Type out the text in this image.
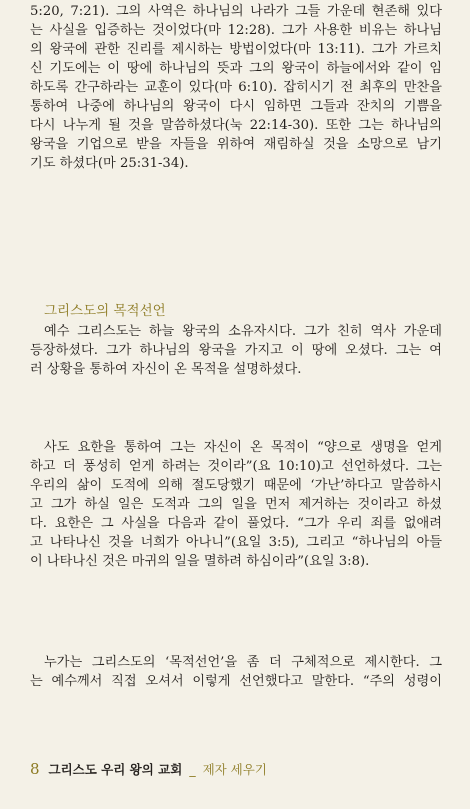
5:20, 7:21). 그의 사역은 하나님의 나라가 그들 가운데 현존해 있다
는 사실을 입증하는 것이었다(마 12:28). 그가 사용한 비유는 하나님
의 왕국에 관한 진리를 제시하는 방법이었다(마 13:11). 그가 가르치
신 기도에는 이 땅에 하나님의 뜻과 그의 왕국이 하늘에서와 같이 임
하도록 간구하라는 교훈이 있다(마 6:10). 잡히시기 전 최후의 만찬을
통하여 나중에 하나님의 왕국이 다시 임하면 그들과 잔치의 기쁨을
다시 나누게 될 것을 말씀하셨다(눅 22:14-30). 또한 그는 하나님의
왕국을 기업으로 받을 자들을 위하여 재림하실 것을 소망으로 남기
기도 하셨다(마 25:31-34).
그리스도의 목적선언
예수 그리스도는 하늘 왕국의 소유자시다. 그가 친히 역사 가운데
등장하셨다. 그가 하나님의 왕국을 가지고 이 땅에 오셨다. 그는 여
러 상황을 통하여 자신이 온 목적을 설명하셨다.
사도 요한을 통하여 그는 자신이 온 목적이 “양으로 생명을 얻게
하고 더 풍성히 얻게 하려는 것이라”(요 10:10)고 선언하셨다. 그는
우리의 삶이 도적에 의해 절도당했기 때문에 ‘가난’하다고 말씀하시
고 그가 하실 일은 도적과 그의 일을 먼저 제거하는 것이라고 하셨
다. 요한은 그 사실을 다음과 같이 풀었다. “그가 우리 죄를 없애려
고 나타나신 것을 너희가 아나니”(요일 3:5), 그리고 “하나님의 아들
이 나타나신 것은 마귀의 일을 멸하려 하심이라”(요일 3:8).
누가는 그리스도의 ‘목적선언’을 좀 더 구체적으로 제시한다. 그
는 예수께서 직접 오셔서 이렇게 선언했다고 말한다. “주의 성령이
8 그리스도 우리 왕의 교회 _ 제자 세우기
